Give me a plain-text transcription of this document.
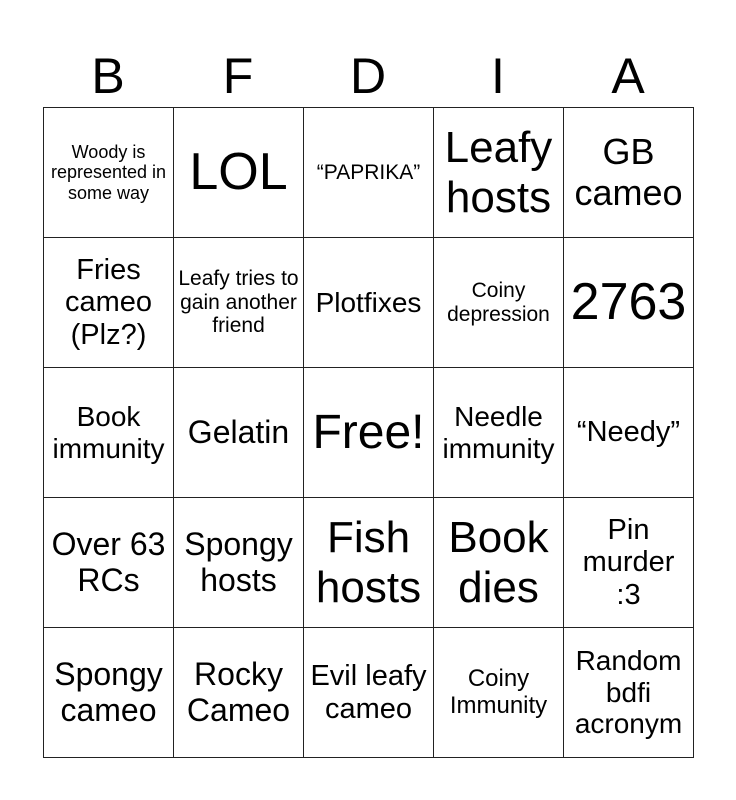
B	F	D	I	A
Woody is represented in some way	LOL	“PAPRIKA”	Leafy hosts	GB cameo
Fries cameo (Plz?)	Leafy tries to gain another friend	Plotfixes	Coiny depression	2763
Book immunity	Gelatin	Free!	Needle immunity	“Needy”
Over 63 RCs	Spongy hosts	Fish hosts	Book dies	Pin murder :3
Spongy cameo	Rocky Cameo	Evil leafy cameo	Coiny Immunity	Random bdfi acronym
